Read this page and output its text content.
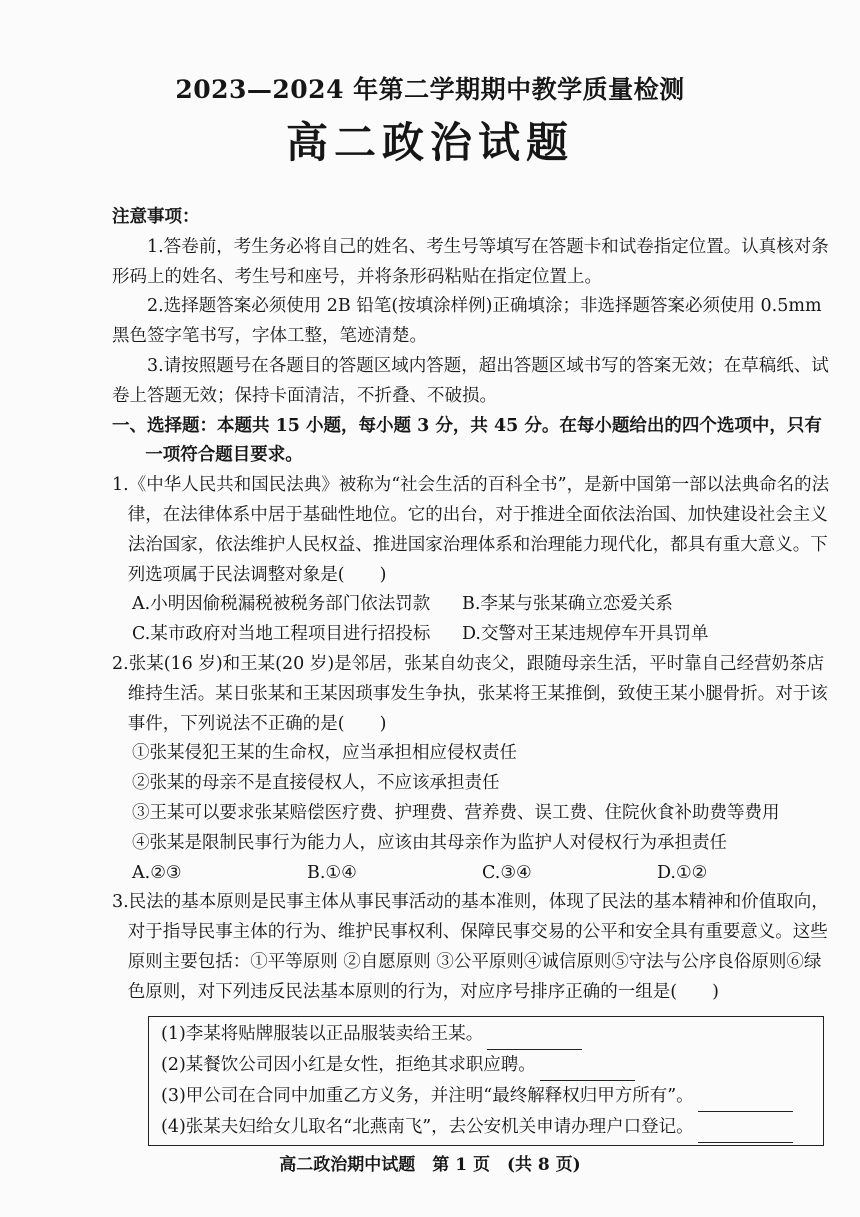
2023—2024 年第二学期期中教学质量检测
高二政治试题

注意事项：

1.答卷前，考生务必将自己的姓名、考生号等填写在答题卡和试卷指定位置。认真核对条形码上的姓名、考生号和座号，并将条形码粘贴在指定位置上。

2.选择题答案必须使用 2B 铅笔(按填涂样例)正确填涂；非选择题答案必须使用 0.5mm 黑色签字笔书写，字体工整，笔迹清楚。

3.请按照题号在各题目的答题区域内答题，超出答题区域书写的答案无效；在草稿纸、试卷上答题无效；保持卡面清洁，不折叠、不破损。

一、选择题：本题共 15 小题，每小题 3 分，共 45 分。在每小题给出的四个选项中，只有一项符合题目要求。

1.《中华人民共和国民法典》被称为“社会生活的百科全书”，是新中国第一部以法典命名的法律，在法律体系中居于基础性地位。它的出台，对于推进全面依法治国、加快建设社会主义法治国家，依法维护人民权益、推进国家治理体系和治理能力现代化，都具有重大意义。下列选项属于民法调整对象是(　　)

A.小明因偷税漏税被税务部门依法罚款	B.李某与张某确立恋爱关系
C.某市政府对当地工程项目进行招投标	D.交警对王某违规停车开具罚单

2.张某(16 岁)和王某(20 岁)是邻居，张某自幼丧父，跟随母亲生活，平时靠自己经营奶茶店维持生活。某日张某和王某因琐事发生争执，张某将王某推倒，致使王某小腿骨折。对于该事件，下列说法不正确的是(　　)

①张某侵犯王某的生命权，应当承担相应侵权责任

②张某的母亲不是直接侵权人，不应该承担责任

③王某可以要求张某赔偿医疗费、护理费、营养费、误工费、住院伙食补助费等费用

④张某是限制民事行为能力人，应该由其母亲作为监护人对侵权行为承担责任

A.②③	B.①④	C.③④	D.①②

3.民法的基本原则是民事主体从事民事活动的基本准则，体现了民法的基本精神和价值取向，对于指导民事主体的行为、维护民事权利、保障民事交易的公平和安全具有重要意义。这些原则主要包括：①平等原则 ②自愿原则 ③公平原则④诚信原则⑤守法与公序良俗原则⑥绿色原则，对下列违反民法基本原则的行为，对应序号排序正确的一组是(　　)

(1)李某将贴牌服装以正品服装卖给王某。
(2)某餐饮公司因小红是女性，拒绝其求职应聘。
(3)甲公司在合同中加重乙方义务，并注明“最终解释权归甲方所有”。
(4)张某夫妇给女儿取名“北燕南飞”，去公安机关申请办理户口登记。
高二政治期中试题　第 1 页　(共 8 页)
